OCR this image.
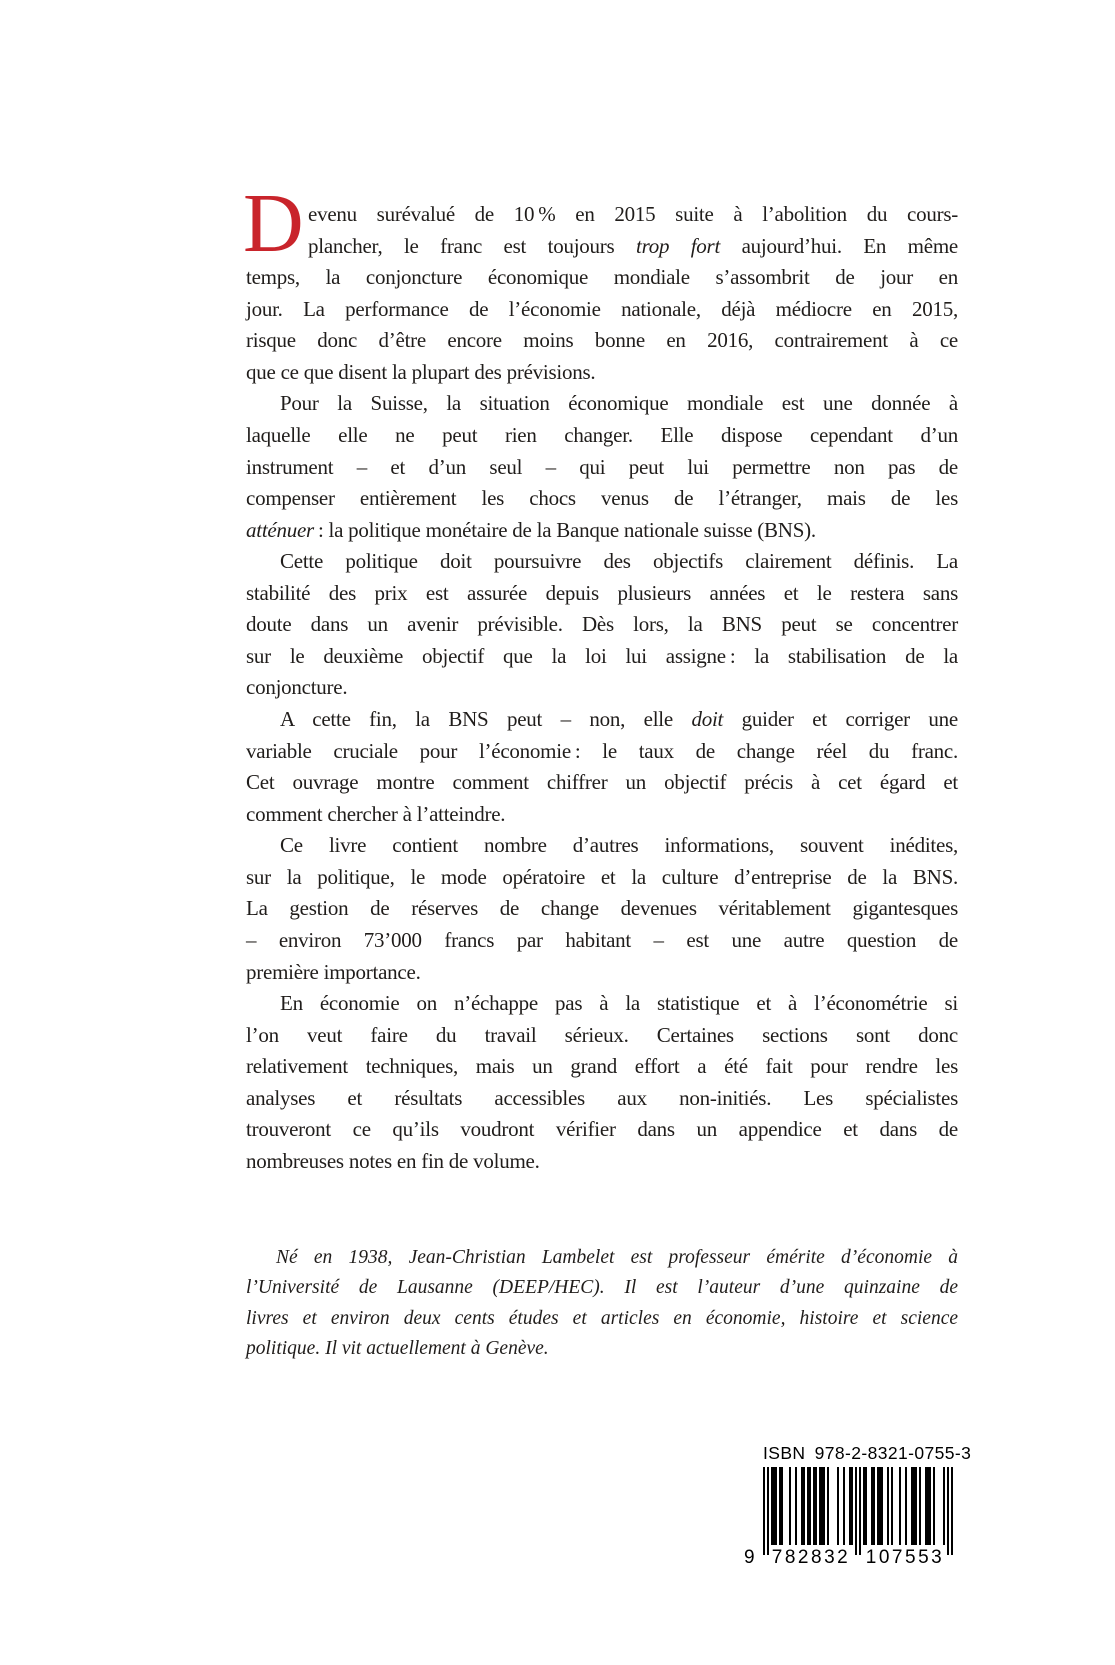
D evenu surévalué de 10 % en 2015 suite à l’abolition du cours-
plancher, le franc est toujours trop fort aujourd’hui. En même
temps, la conjoncture économique mondiale s’assombrit de jour en
jour. La performance de l’économie nationale, déjà médiocre en 2015,
risque donc d’être encore moins bonne en 2016, contrairement à ce
que ce que disent la plupart des prévisions.
Pour la Suisse, la situation économique mondiale est une donnée à
laquelle elle ne peut rien changer. Elle dispose cependant d’un
instrument – et d’un seul – qui peut lui permettre non pas de
compenser entièrement les chocs venus de l’étranger, mais de les
atténuer : la politique monétaire de la Banque nationale suisse (BNS).
Cette politique doit poursuivre des objectifs clairement définis. La
stabilité des prix est assurée depuis plusieurs années et le restera sans
doute dans un avenir prévisible. Dès lors, la BNS peut se concentrer
sur le deuxième objectif que la loi lui assigne : la stabilisation de la
conjoncture.
A cette fin, la BNS peut – non, elle doit guider et corriger une
variable cruciale pour l’économie : le taux de change réel du franc.
Cet ouvrage montre comment chiffrer un objectif précis à cet égard et
comment chercher à l’atteindre.
Ce livre contient nombre d’autres informations, souvent inédites,
sur la politique, le mode opératoire et la culture d’entreprise de la BNS.
La gestion de réserves de change devenues véritablement gigantesques
– environ 73’000 francs par habitant – est une autre question de
première importance.
En économie on n’échappe pas à la statistique et à l’économétrie si
l’on veut faire du travail sérieux. Certaines sections sont donc
relativement techniques, mais un grand effort a été fait pour rendre les
analyses et résultats accessibles aux non-initiés. Les spécialistes
trouveront ce qu’ils voudront vérifier dans un appendice et dans de
nombreuses notes en fin de volume.
Né en 1938, Jean-Christian Lambelet est professeur émérite d’économie à
l’Université de Lausanne (DEEP/HEC). Il est l’auteur d’une quinzaine de
livres et environ deux cents études et articles en économie, histoire et science
politique. Il vit actuellement à Genève.
ISBN 978-2-8321-0755-3
9 782832 107553
